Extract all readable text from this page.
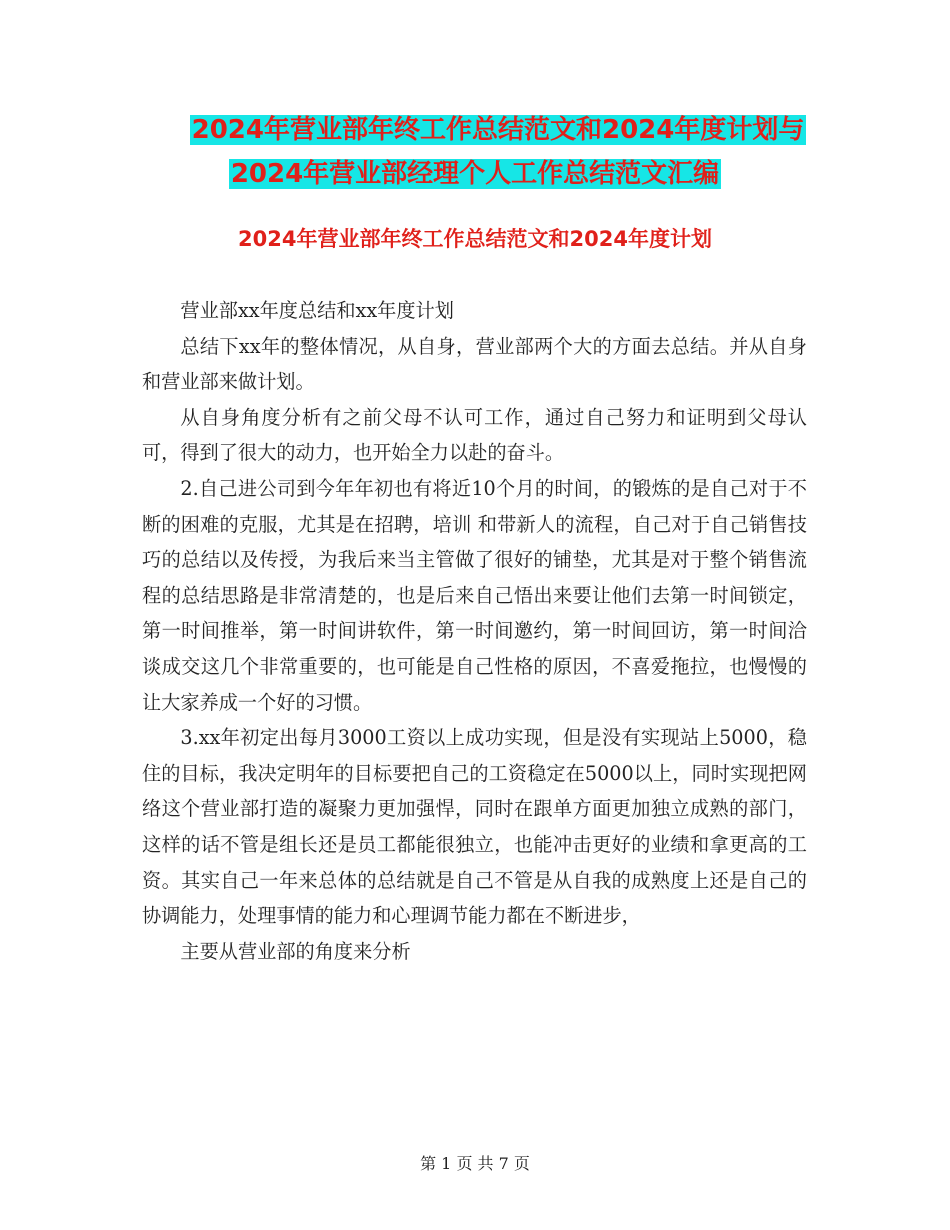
2024年营业部年终工作总结范文和2024年度计划与
2024年营业部经理个人工作总结范文汇编
2024年营业部年终工作总结范文和2024年度计划

营业部xx年度总结和xx年度计划

总结下xx年的整体情况，从自身，营业部两个大的方面去总结。并从自身和营业部来做计划。

从自身角度分析有之前父母不认可工作，通过自己努力和证明到父母认可，得到了很大的动力，也开始全力以赴的奋斗。

2.自己进公司到今年年初也有将近10个月的时间，的锻炼的是自己对于不断的困难的克服，尤其是在招聘，培训 和带新人的流程，自己对于自己销售技巧的总结以及传授，为我后来当主管做了很好的铺垫，尤其是对于整个销售流程的总结思路是非常清楚的，也是后来自己悟出来要让他们去第一时间锁定，第一时间推举，第一时间讲软件，第一时间邀约，第一时间回访，第一时间洽谈成交这几个非常重要的，也可能是自己性格的原因，不喜爱拖拉，也慢慢的让大家养成一个好的习惯。

3.xx年初定出每月3000工资以上成功实现，但是没有实现站上5000，稳住的目标，我决定明年的目标要把自己的工资稳定在5000以上，同时实现把网络这个营业部打造的凝聚力更加强悍，同时在跟单方面更加独立成熟的部门，这样的话不管是组长还是员工都能很独立，也能冲击更好的业绩和拿更高的工资。其实自己一年来总体的总结就是自己不管是从自我的成熟度上还是自己的协调能力，处理事情的能力和心理调节能力都在不断进步，

主要从营业部的角度来分析

第 1 页 共 7 页
